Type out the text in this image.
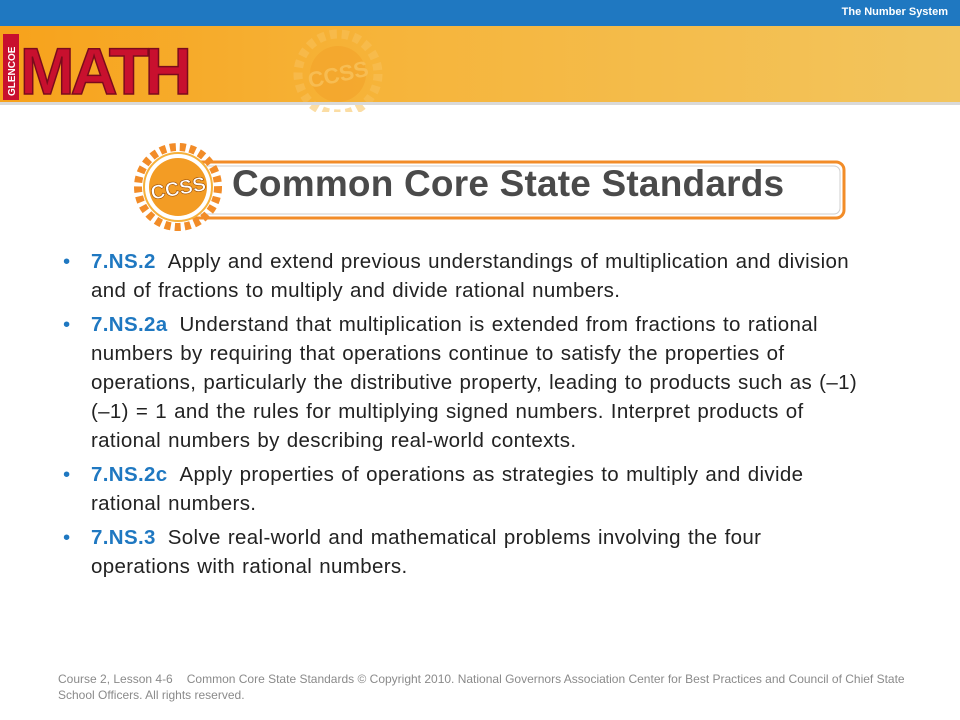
The Number System
CCSS
GLENCOE MATH
CCSS Common Core State Standards
• 7.NS.2 Apply and extend previous understandings of multiplication and division and of fractions to multiply and divide rational numbers.
• 7.NS.2a Understand that multiplication is extended from fractions to rational numbers by requiring that operations continue to satisfy the properties of operations, particularly the distributive property, leading to products such as (–1)(–1) = 1 and the rules for multiplying signed numbers. Interpret products of rational numbers by describing real-world contexts.
• 7.NS.2c Apply properties of operations as strategies to multiply and divide rational numbers.
• 7.NS.3 Solve real-world and mathematical problems involving the four operations with rational numbers.
Course 2, Lesson 4-6 Common Core State Standards © Copyright 2010. National Governors Association Center for Best Practices and Council of Chief State School Officers. All rights reserved.
